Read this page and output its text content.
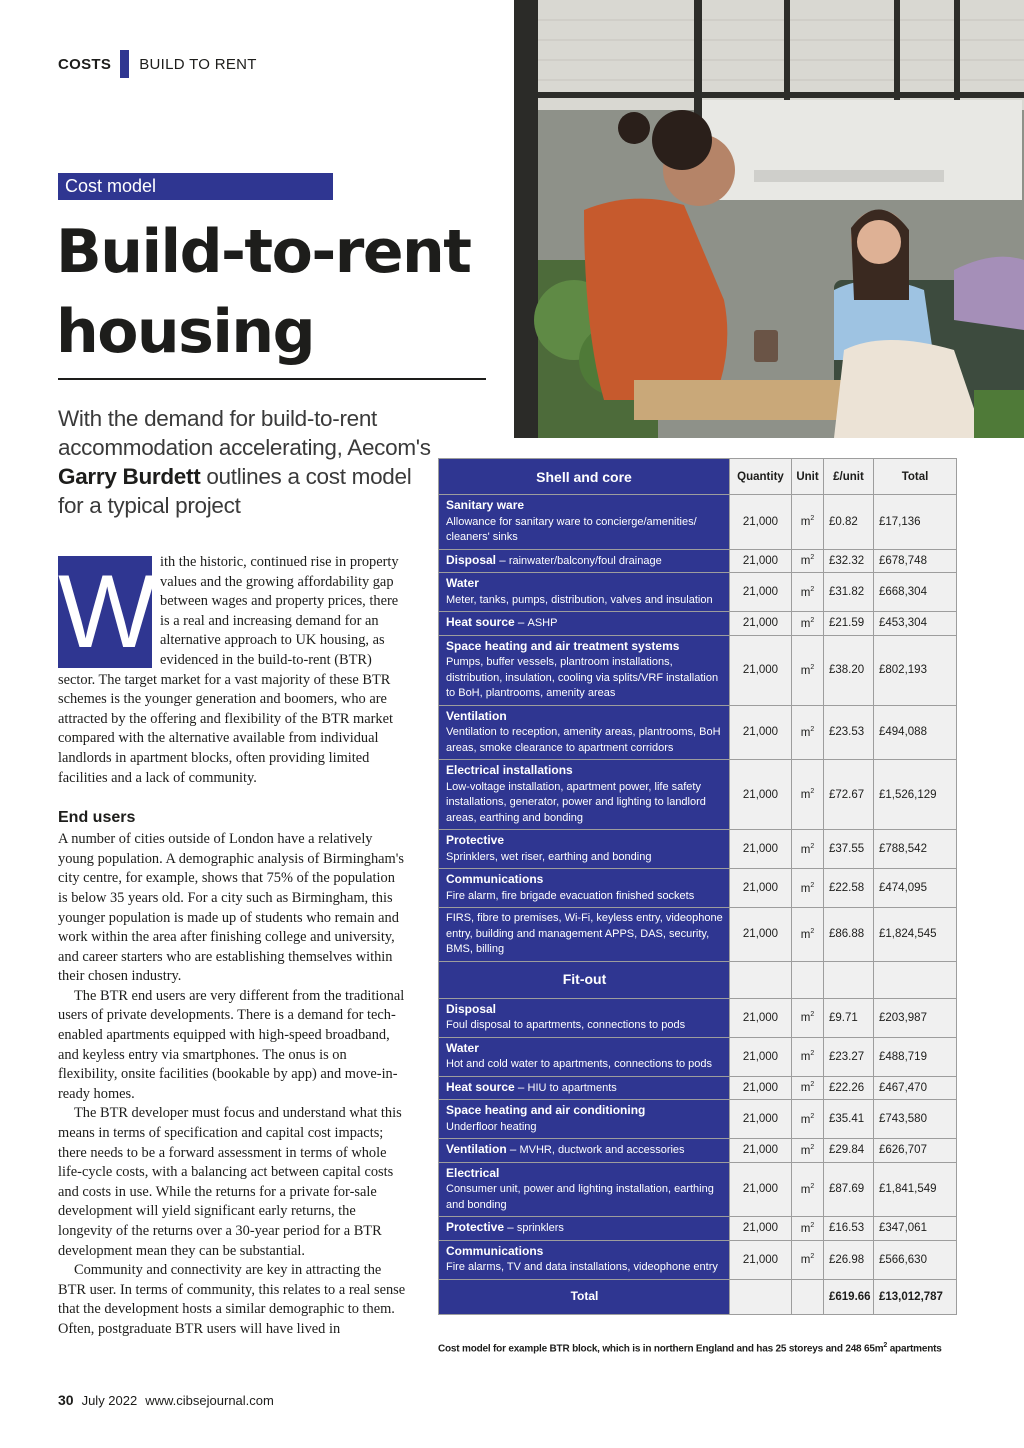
COSTS BUILD TO RENT
Cost model
Build-to-rent
housing

With the demand for build-to-rent accommodation accelerating, Aecom's Garry Burdett outlines a cost model for a typical project

W ith the historic, continued rise in property values and the growing affordability gap between wages and property prices, there is a real and increasing demand for an alternative approach to UK housing, as evidenced in the build-to-rent (BTR) sector. The target market for a vast majority of these BTR schemes is the younger generation and boomers, who are attracted by the offering and flexibility of the BTR market compared with the alternative available from individual landlords in apartment blocks, often providing limited facilities and a lack of community.

End users

A number of cities outside of London have a relatively young population. A demographic analysis of Birmingham's city centre, for example, shows that 75% of the population is below 35 years old. For a city such as Birmingham, this younger population is made up of students who remain and work within the area after finishing college and university, and career starters who are establishing themselves within their chosen industry.

The BTR end users are very different from the traditional users of private developments. There is a demand for tech-enabled apartments equipped with high-speed broadband, and keyless entry via smartphones. The onus is on flexibility, onsite facilities (bookable by app) and move-in-ready homes.

The BTR developer must focus and understand what this means in terms of specification and capital cost impacts; there needs to be a forward assessment in terms of whole life-cycle costs, with a balancing act between capital costs and costs in use. While the returns for a private for-sale development will yield significant early returns, the longevity of the returns over a 30-year period for a BTR development mean they can be substantial.

Community and connectivity are key in attracting the BTR user. In terms of community, this relates to a real sense that the development hosts a similar demographic to them. Often, postgraduate BTR users will have lived in

Shell and core	Quantity	Unit	£/unit	Total
Sanitary ware
Allowance for sanitary ware to concierge/amenities/ cleaners' sinks	21,000	$m^2$	£0.82	£17,136
Disposal – rainwater/balcony/foul drainage	21,000	$m^2$	£32.32	£678,748
Water
Meter, tanks, pumps, distribution, valves and insulation	21,000	$m^2$	£31.82	£668,304
Heat source – ASHP	21,000	$m^2$	£21.59	£453,304
Space heating and air treatment systems
Pumps, buffer vessels, plantroom installations, distribution, insulation, cooling via splits/VRF installation to BoH, plantrooms, amenity areas	21,000	$m^2$	£38.20	£802,193
Ventilation
Ventilation to reception, amenity areas, plantrooms, BoH areas, smoke clearance to apartment corridors	21,000	$m^2$	£23.53	£494,088
Electrical installations
Low-voltage installation, apartment power, life safety installations, generator, power and lighting to landlord areas, earthing and bonding	21,000	$m^2$	£72.67	£1,526,129
Protective
Sprinklers, wet riser, earthing and bonding	21,000	$m^2$	£37.55	£788,542
Communications
Fire alarm, fire brigade evacuation finished sockets	21,000	$m^2$	£22.58	£474,095
FIRS, fibre to premises, Wi-Fi, keyless entry, videophone entry, building and management APPS, DAS, security, BMS, billing	21,000	$m^2$	£86.88	£1,824,545
Fit-out				
Disposal
Foul disposal to apartments, connections to pods	21,000	$m^2$	£9.71	£203,987
Water
Hot and cold water to apartments, connections to pods	21,000	$m^2$	£23.27	£488,719
Heat source – HIU to apartments	21,000	$m^2$	£22.26	£467,470
Space heating and air conditioning
Underfloor heating	21,000	$m^2$	£35.41	£743,580
Ventilation – MVHR, ductwork and accessories	21,000	$m^2$	£29.84	£626,707
Electrical
Consumer unit, power and lighting installation, earthing and bonding	21,000	$m^2$	£87.69	£1,841,549
Protective – sprinklers	21,000	$m^2$	£16.53	£347,061
Communications
Fire alarms, TV and data installations, videophone entry	21,000	$m^2$	£26.98	£566,630
Total			£619.66	£13,012,787
Cost model for example BTR block, which is in northern England and has 25 storeys and 248 $65m^2$ apartments
30 July 2022 www.cibsejournal.com
